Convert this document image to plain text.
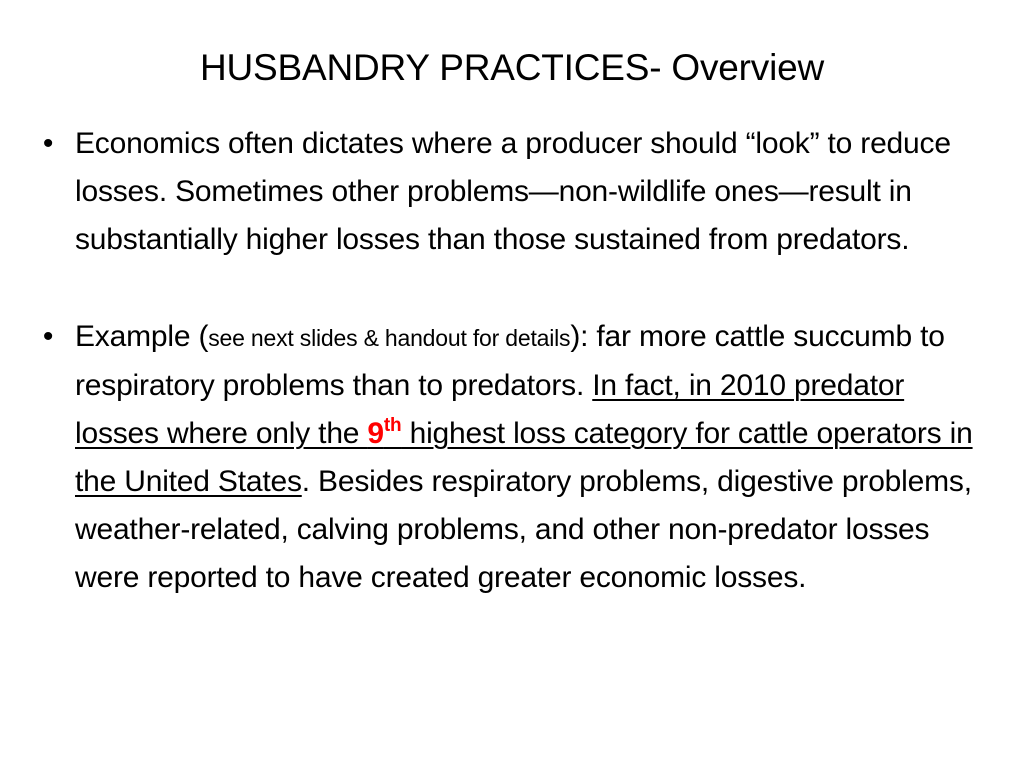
HUSBANDRY PRACTICES- Overview
• Economics often dictates where a producer should “look” to reduce losses. Sometimes other problems—non-wildlife ones—result in substantially higher losses than those sustained from predators.
• Example (see next slides & handout for details): far more cattle succumb to respiratory problems than to predators. In fact, in 2010 predator losses where only the 9th highest loss category for cattle operators in the United States. Besides respiratory problems, digestive problems, weather-related, calving problems, and other non-predator losses were reported to have created greater economic losses.
